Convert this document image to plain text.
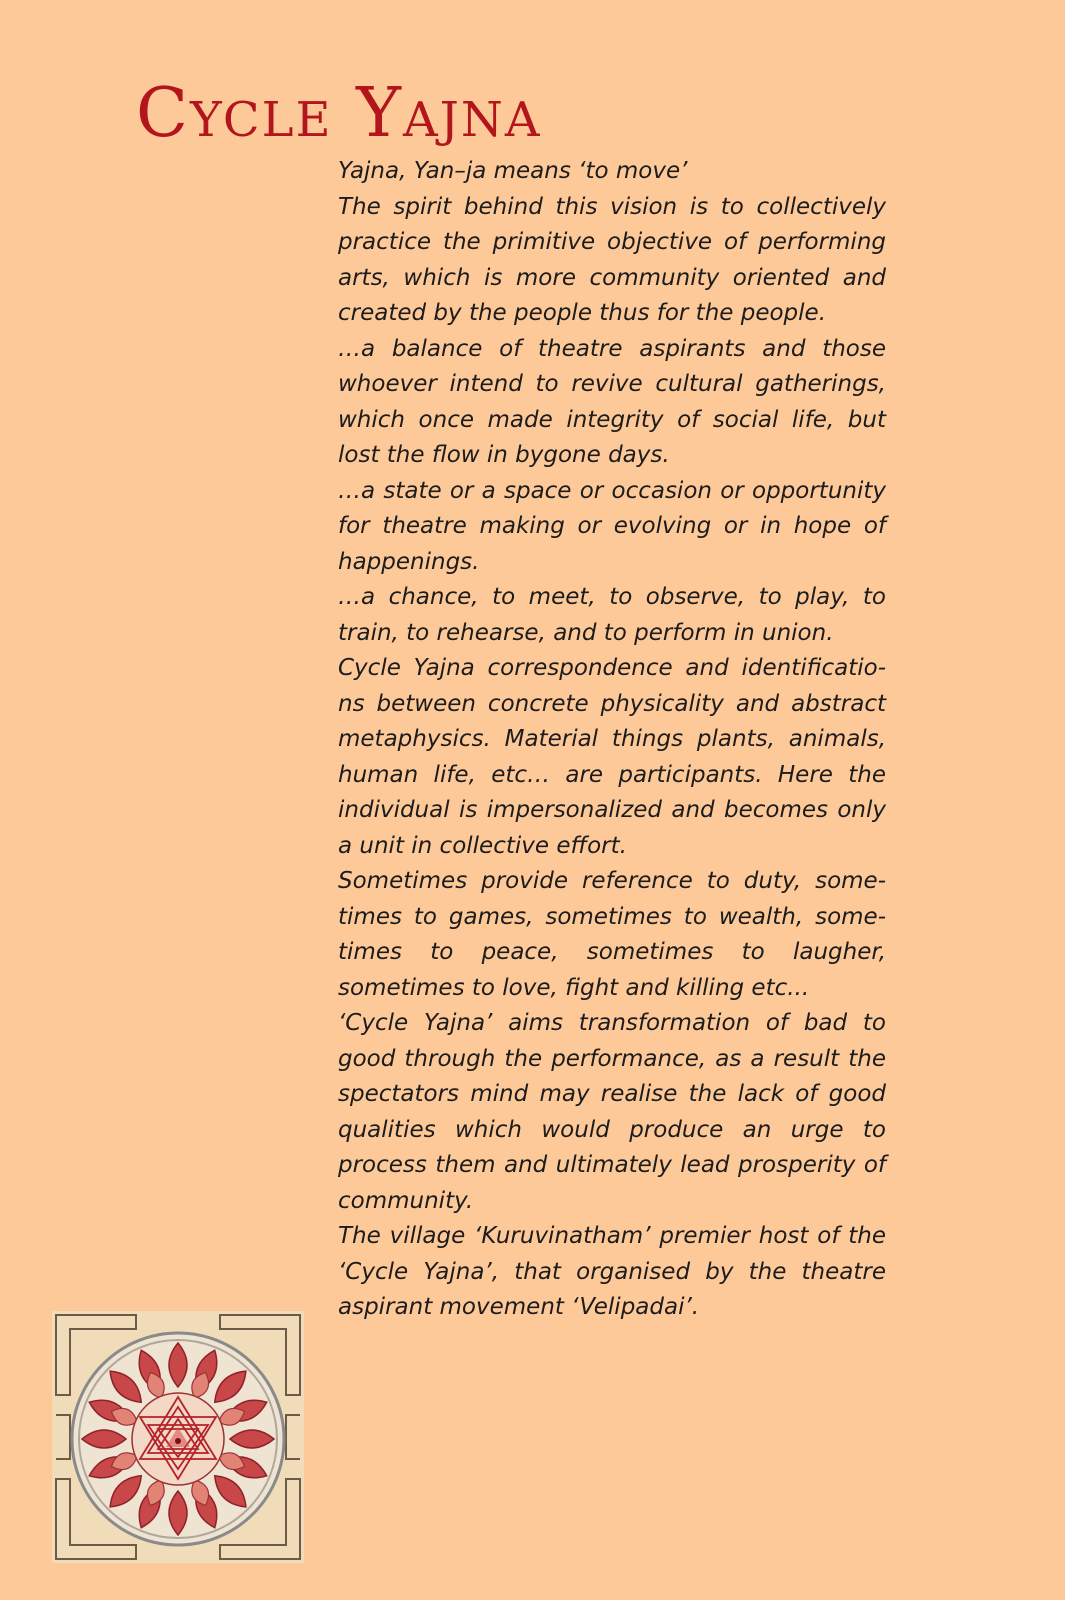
Cycle Yajna

Yajna, Yan–ja means ‘to move’

The spirit behind this vision is to collectively practice the primitive objective of performing arts, which is more community oriented and created by the people thus for the people.

…a balance of theatre aspirants and those whoever intend to revive cultural gatherings, which once made integrity of social life, but lost the flow in bygone days.

…a state or a space or occasion or opportunity for theatre making or evolving or in hope of happenings.

…a chance, to meet, to observe, to play, to train, to rehearse, and to perform in union.

Cycle Yajna correspondence and identificatio-ns between concrete physicality and abstract metaphysics. Material things plants, animals, human life, etc… are participants. Here the individual is impersonalized and becomes only a unit in collective effort.

Sometimes provide reference to duty, some-times to games, sometimes to wealth, some-times to peace, sometimes to laugher, sometimes to love, fight and killing etc...

‘Cycle Yajna’ aims transformation of bad to good through the performance, as a result the spectators mind may realise the lack of good qualities which would produce an urge to process them and ultimately lead prosperity of community.

The village ‘Kuruvinatham’ premier host of the ‘Cycle Yajna’, that organised by the theatre aspirant movement ‘Velipadai’.
